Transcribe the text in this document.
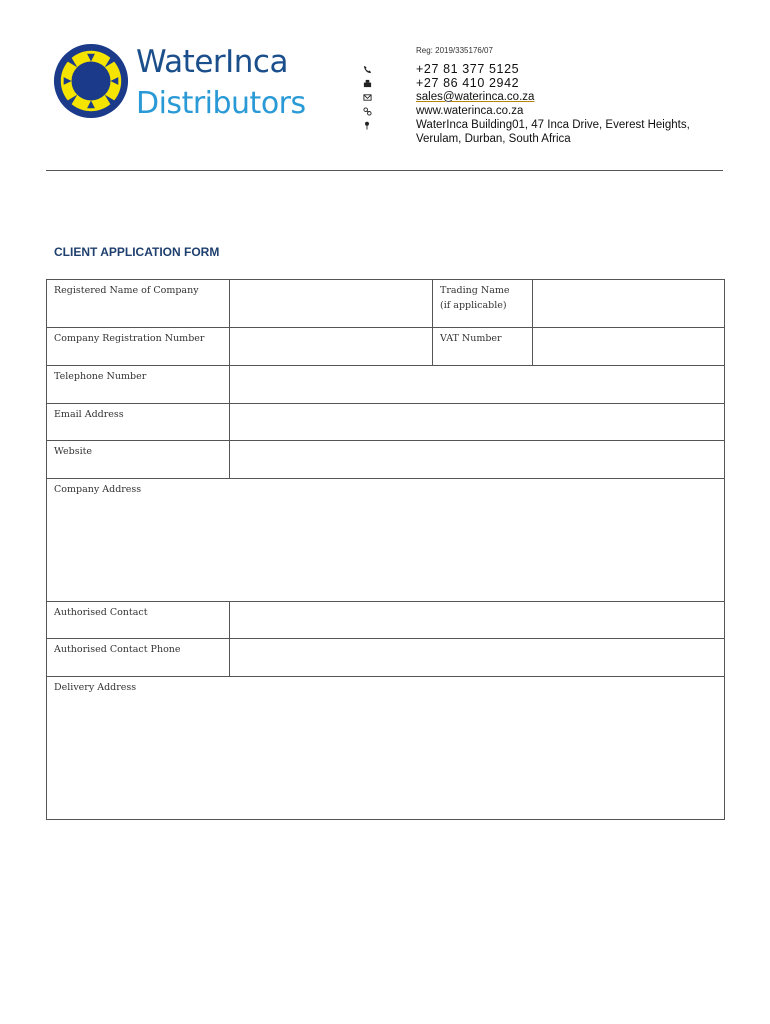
WaterInca
Distributors
Reg: 2019/335176/07
+27 81 377 5125
+27 86 410 2942
sales@waterinca.co.za
www.waterinca.co.za
WaterInca Building01, 47 Inca Drive, Everest Heights,
Verulam, Durban, South Africa
CLIENT APPLICATION FORM
Registered Name of Company	Trading Name
(if applicable)
Company Registration Number	VAT Number
Telephone Number
Email Address
Website
Company Address
Authorised Contact
Authorised Contact Phone
Delivery Address
